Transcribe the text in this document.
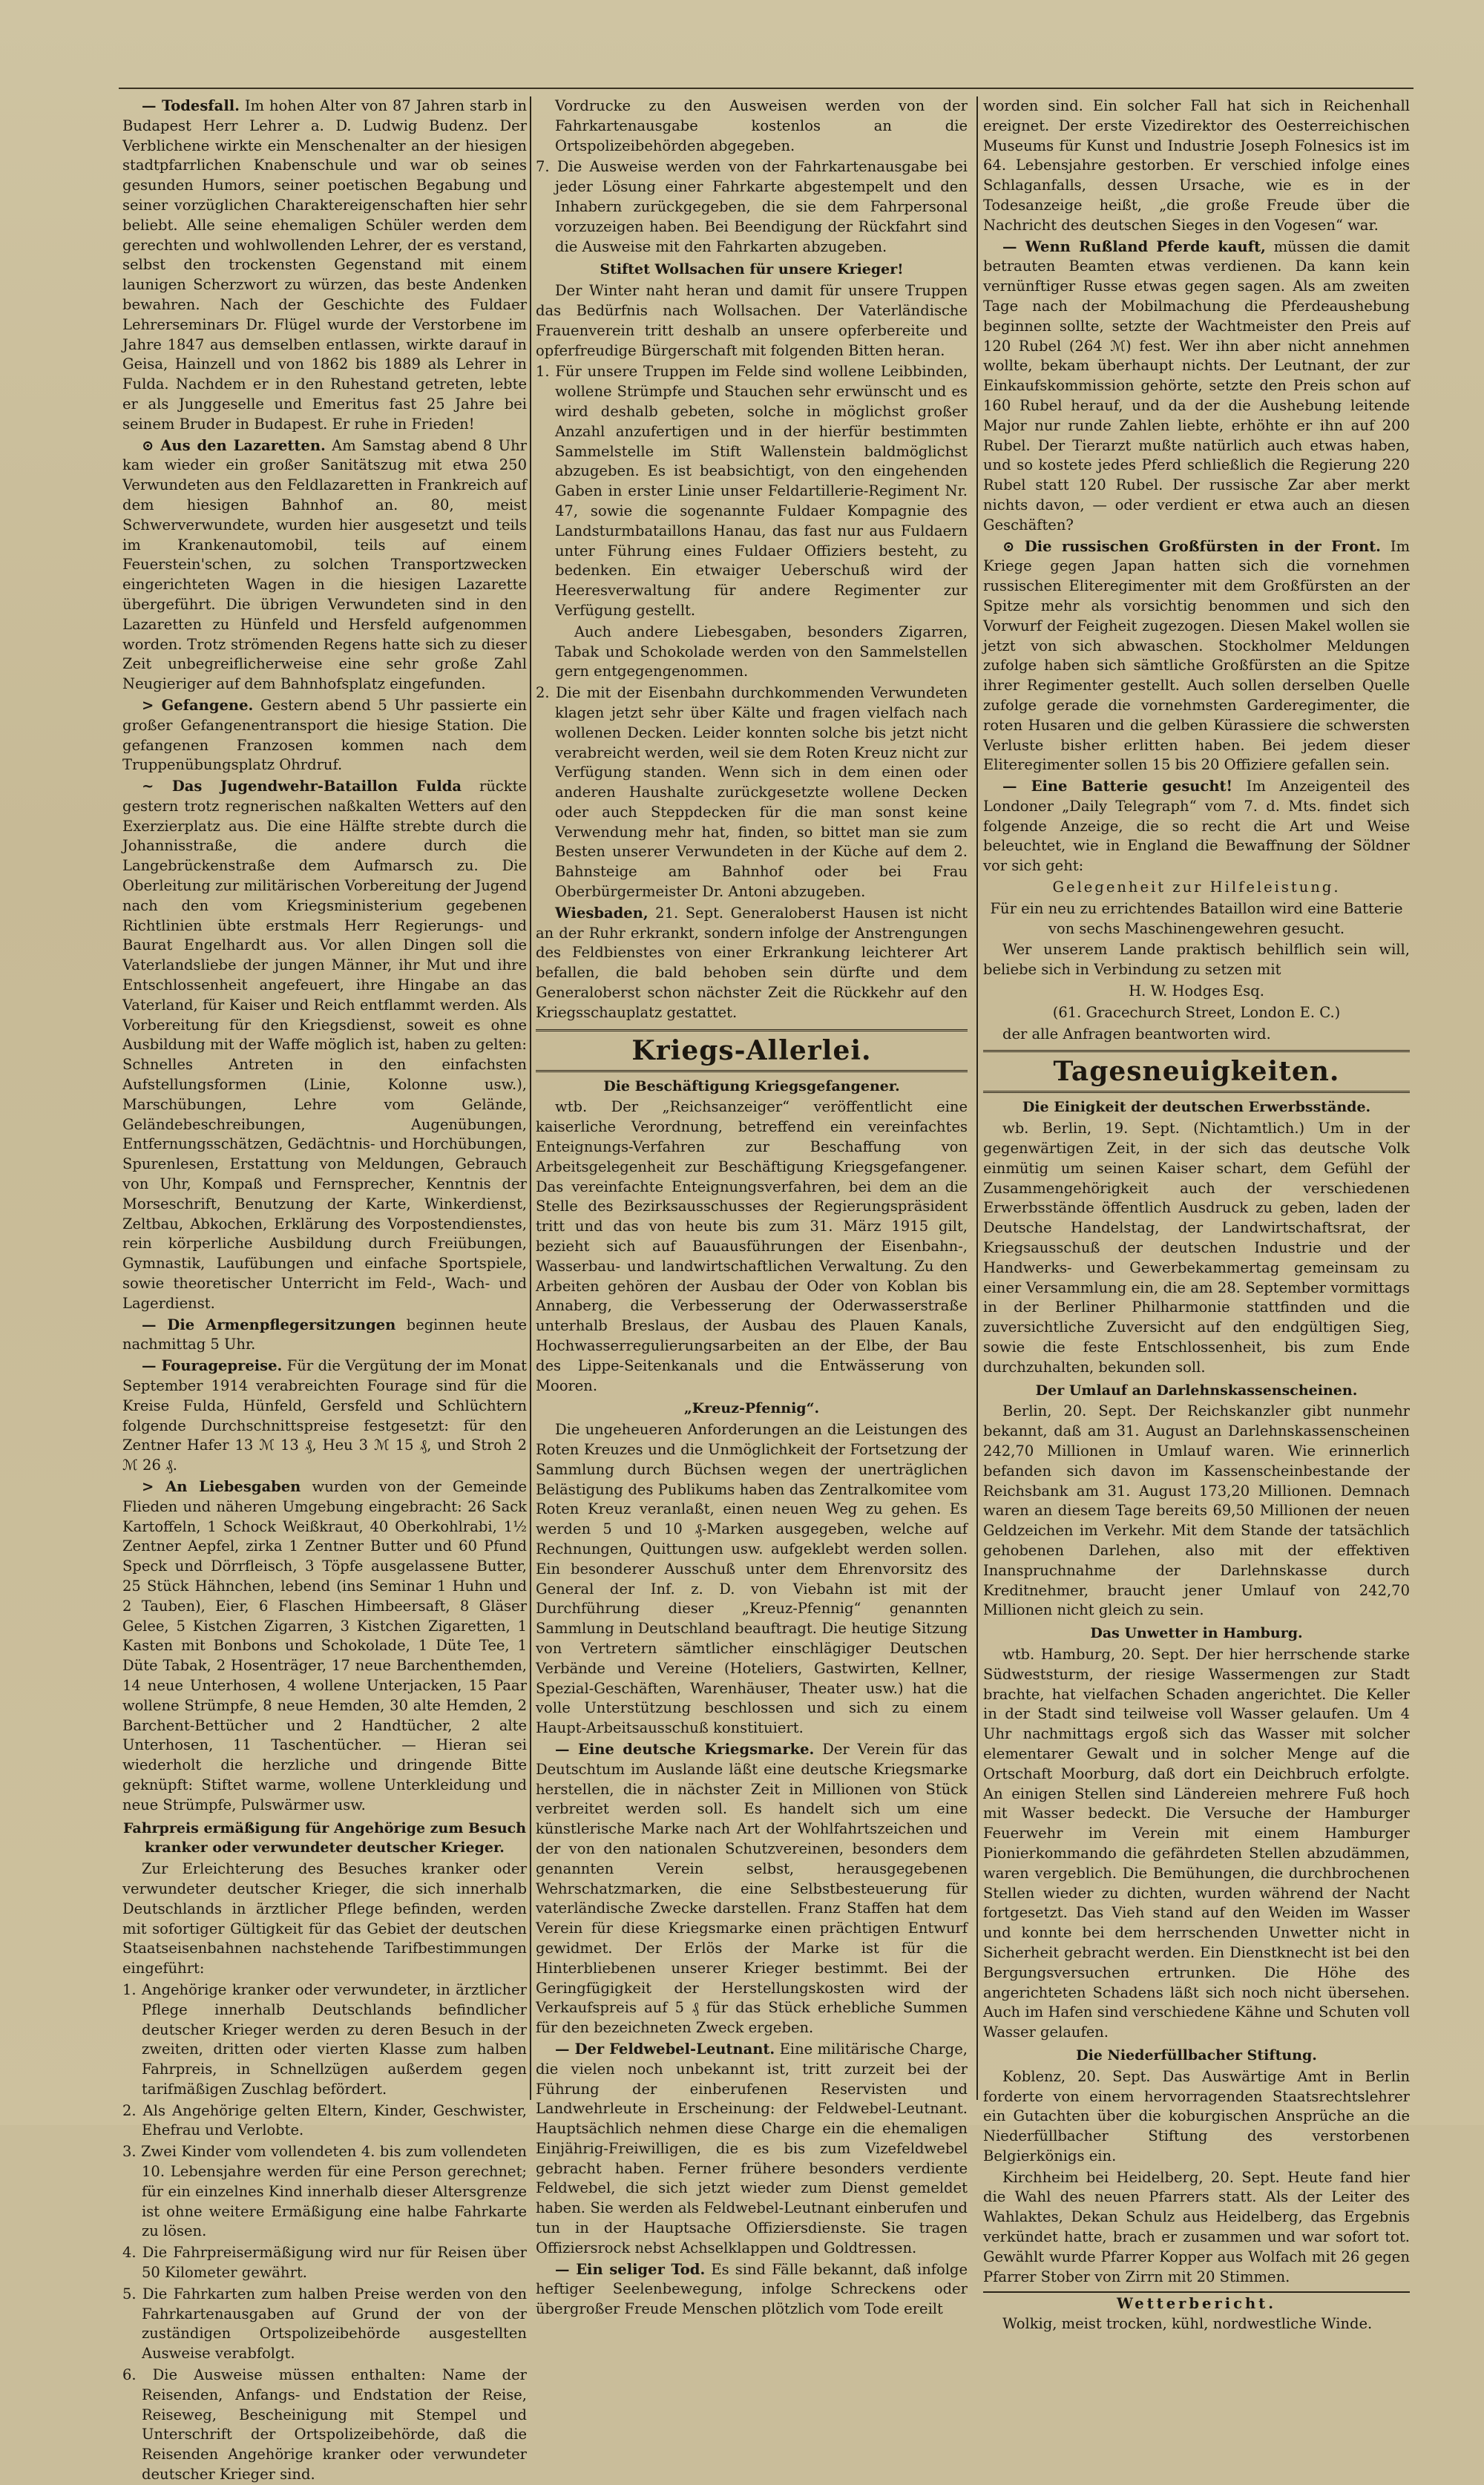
— Todesfall. Im hohen Alter von 87 Jahren starb in Budapest Herr Lehrer a. D. Ludwig Budenz. Der Verblichene wirkte ein Menschenalter an der hiesigen stadtpfarrlichen Knabenschule und war ob seines gesunden Humors, seiner poetischen Begabung und seiner vorzüglichen Charaktereigenschaften hier sehr beliebt. Alle seine ehemaligen Schüler werden dem gerechten und wohlwollenden Lehrer, der es verstand, selbst den trockensten Gegenstand mit einem launigen Scherzwort zu würzen, das beste Andenken bewahren. Nach der Geschichte des Fuldaer Lehrerseminars Dr. Flügel wurde der Verstorbene im Jahre 1847 aus demselben entlassen, wirkte darauf in Geisa, Hainzell und von 1862 bis 1889 als Lehrer in Fulda. Nachdem er in den Ruhestand getreten, lebte er als Junggeselle und Emeritus fast 25 Jahre bei seinem Bruder in Budapest. Er ruhe in Frieden!

⊙ Aus den Lazaretten. Am Samstag abend 8 Uhr kam wieder ein großer Sanitätszug mit etwa 250 Verwundeten aus den Feldlazaretten in Frankreich auf dem hiesigen Bahnhof an. 80, meist Schwerverwundete, wurden hier ausgesetzt und teils im Krankenautomobil, teils auf einem Feuerstein'schen, zu solchen Transportzwecken eingerichteten Wagen in die hiesigen Lazarette übergeführt. Die übrigen Verwundeten sind in den Lazaretten zu Hünfeld und Hersfeld aufgenommen worden. Trotz strömenden Regens hatte sich zu dieser Zeit unbegreiflicherweise eine sehr große Zahl Neugieriger auf dem Bahnhofsplatz eingefunden.

> Gefangene. Gestern abend 5 Uhr passierte ein großer Gefangenentransport die hiesige Station. Die gefangenen Franzosen kommen nach dem Truppenübungsplatz Ohrdruf.

~ Das Jugendwehr-Bataillon Fulda rückte gestern trotz regnerischen naßkalten Wetters auf den Exerzierplatz aus. Die eine Hälfte strebte durch die Johannisstraße, die andere durch die Langebrückenstraße dem Aufmarsch zu. Die Oberleitung zur militärischen Vorbereitung der Jugend nach den vom Kriegsministerium gegebenen Richtlinien übte erstmals Herr Regierungs- und Baurat Engelhardt aus. Vor allen Dingen soll die Vaterlandsliebe der jungen Männer, ihr Mut und ihre Entschlossenheit angefeuert, ihre Hingabe an das Vaterland, für Kaiser und Reich entflammt werden. Als Vorbereitung für den Kriegsdienst, soweit es ohne Ausbildung mit der Waffe möglich ist, haben zu gelten: Schnelles Antreten in den einfachsten Aufstellungsformen (Linie, Kolonne usw.), Marschübungen, Lehre vom Gelände, Geländebeschreibungen, Augenübungen, Entfernungsschätzen, Gedächtnis- und Horchübungen, Spurenlesen, Erstattung von Meldungen, Gebrauch von Uhr, Kompaß und Fernsprecher, Kenntnis der Morseschrift, Benutzung der Karte, Winkerdienst, Zeltbau, Abkochen, Erklärung des Vorpostendienstes, rein körperliche Ausbildung durch Freiübungen, Gymnastik, Laufübungen und einfache Sportspiele, sowie theoretischer Unterricht im Feld-, Wach- und Lagerdienst.

— Die Armenpflegersitzungen beginnen heute nachmittag 5 Uhr.

— Fouragepreise. Für die Vergütung der im Monat September 1914 verabreichten Fourage sind für die Kreise Fulda, Hünfeld, Gersfeld und Schlüchtern folgende Durchschnittspreise festgesetzt: für den Zentner Hafer 13 ℳ 13 ₰, Heu 3 ℳ 15 ₰, und Stroh 2 ℳ 26 ₰.

> An Liebesgaben wurden von der Gemeinde Flieden und näheren Umgebung eingebracht: 26 Sack Kartoffeln, 1 Schock Weißkraut, 40 Oberkohlrabi, 1½ Zentner Aepfel, zirka 1 Zentner Butter und 60 Pfund Speck und Dörrfleisch, 3 Töpfe ausgelassene Butter, 25 Stück Hähnchen, lebend (ins Seminar 1 Huhn und 2 Tauben), Eier, 6 Flaschen Himbeersaft, 8 Gläser Gelee, 5 Kistchen Zigarren, 3 Kistchen Zigaretten, 1 Kasten mit Bonbons und Schokolade, 1 Düte Tee, 1 Düte Tabak, 2 Hosenträger, 17 neue Barchenthemden, 14 neue Unterhosen, 4 wollene Unterjacken, 15 Paar wollene Strümpfe, 8 neue Hemden, 30 alte Hemden, 2 Barchent-Bettücher und 2 Handtücher, 2 alte Unterhosen, 11 Taschentücher. — Hieran sei wiederholt die herzliche und dringende Bitte geknüpft: Stiftet warme, wollene Unterkleidung und neue Strümpfe, Pulswärmer usw.

Fahrpreis ermäßigung für Angehörige zum Besuch kranker oder verwundeter deutscher Krieger.

Zur Erleichterung des Besuches kranker oder verwundeter deutscher Krieger, die sich innerhalb Deutschlands in ärztlicher Pflege befinden, werden mit sofortiger Gültigkeit für das Gebiet der deutschen Staatseisenbahnen nachstehende Tarifbestimmungen eingeführt:

1. Angehörige kranker oder verwundeter, in ärztlicher Pflege innerhalb Deutschlands befindlicher deutscher Krieger werden zu deren Besuch in der zweiten, dritten oder vierten Klasse zum halben Fahrpreis, in Schnellzügen außerdem gegen tarifmäßigen Zuschlag befördert.

2. Als Angehörige gelten Eltern, Kinder, Geschwister, Ehefrau und Verlobte.

3. Zwei Kinder vom vollendeten 4. bis zum vollendeten 10. Lebensjahre werden für eine Person gerechnet; für ein einzelnes Kind innerhalb dieser Altersgrenze ist ohne weitere Ermäßigung eine halbe Fahrkarte zu lösen.

4. Die Fahrpreisermäßigung wird nur für Reisen über 50 Kilometer gewährt.

5. Die Fahrkarten zum halben Preise werden von den Fahrkartenausgaben auf Grund der von der zuständigen Ortspolizeibehörde ausgestellten Ausweise verabfolgt.

6. Die Ausweise müssen enthalten: Name der Reisenden, Anfangs- und Endstation der Reise, Reiseweg, Bescheinigung mit Stempel und Unterschrift der Ortspolizeibehörde, daß die Reisenden Angehörige kranker oder verwundeter deutscher Krieger sind.

Vordrucke zu den Ausweisen werden von der Fahrkartenausgabe kostenlos an die Ortspolizeibehörden abgegeben.

7. Die Ausweise werden von der Fahrkartenausgabe bei jeder Lösung einer Fahrkarte abgestempelt und den Inhabern zurückgegeben, die sie dem Fahrpersonal vorzuzeigen haben. Bei Beendigung der Rückfahrt sind die Ausweise mit den Fahrkarten abzugeben.

Stiftet Wollsachen für unsere Krieger!

Der Winter naht heran und damit für unsere Truppen das Bedürfnis nach Wollsachen. Der Vaterländische Frauenverein tritt deshalb an unsere opferbereite und opferfreudige Bürgerschaft mit folgenden Bitten heran.

1. Für unsere Truppen im Felde sind wollene Leibbinden, wollene Strümpfe und Stauchen sehr erwünscht und es wird deshalb gebeten, solche in möglichst großer Anzahl anzufertigen und in der hierfür bestimmten Sammelstelle im Stift Wallenstein baldmöglichst abzugeben. Es ist beabsichtigt, von den eingehenden Gaben in erster Linie unser Feldartillerie-Regiment Nr. 47, sowie die sogenannte Fuldaer Kompagnie des Landsturmbataillons Hanau, das fast nur aus Fuldaern unter Führung eines Fuldaer Offiziers besteht, zu bedenken. Ein etwaiger Ueberschuß wird der Heeresverwaltung für andere Regimenter zur Verfügung gestellt.

Auch andere Liebesgaben, besonders Zigarren, Tabak und Schokolade werden von den Sammelstellen gern entgegengenommen.

2. Die mit der Eisenbahn durchkommenden Verwundeten klagen jetzt sehr über Kälte und fragen vielfach nach wollenen Decken. Leider konnten solche bis jetzt nicht verabreicht werden, weil sie dem Roten Kreuz nicht zur Verfügung standen. Wenn sich in dem einen oder anderen Haushalte zurückgesetzte wollene Decken oder auch Steppdecken für die man sonst keine Verwendung mehr hat, finden, so bittet man sie zum Besten unserer Verwundeten in der Küche auf dem 2. Bahnsteige am Bahnhof oder bei Frau Oberbürgermeister Dr. Antoni abzugeben.

Wiesbaden, 21. Sept. Generaloberst Hausen ist nicht an der Ruhr erkrankt, sondern infolge der Anstrengungen des Feldbienstes von einer Erkrankung leichterer Art befallen, die bald behoben sein dürfte und dem Generaloberst schon nächster Zeit die Rückkehr auf den Kriegsschauplatz gestattet.

Kriegs-Allerlei.
Die Beschäftigung Kriegsgefangener.

wtb. Der „Reichsanzeiger“ veröffentlicht eine kaiserliche Verordnung, betreffend ein vereinfachtes Enteignungs-Verfahren zur Beschaffung von Arbeitsgelegenheit zur Beschäftigung Kriegsgefangener. Das vereinfachte Enteignungsverfahren, bei dem an die Stelle des Bezirksausschusses der Regierungspräsident tritt und das von heute bis zum 31. März 1915 gilt, bezieht sich auf Bauausführungen der Eisenbahn-, Wasserbau- und landwirtschaftlichen Verwaltung. Zu den Arbeiten gehören der Ausbau der Oder von Koblan bis Annaberg, die Verbesserung der Oderwasserstraße unterhalb Breslaus, der Ausbau des Plauen Kanals, Hochwasserregulierungsarbeiten an der Elbe, der Bau des Lippe-Seitenkanals und die Entwässerung von Mooren.

„Kreuz-Pfennig“.

Die ungeheueren Anforderungen an die Leistungen des Roten Kreuzes und die Unmöglichkeit der Fortsetzung der Sammlung durch Büchsen wegen der unerträglichen Belästigung des Publikums haben das Zentralkomitee vom Roten Kreuz veranlaßt, einen neuen Weg zu gehen. Es werden 5 und 10 ₰-Marken ausgegeben, welche auf Rechnungen, Quittungen usw. aufgeklebt werden sollen. Ein besonderer Ausschuß unter dem Ehrenvorsitz des General der Inf. z. D. von Viebahn ist mit der Durchführung dieser „Kreuz-Pfennig“ genannten Sammlung in Deutschland beauftragt. Die heutige Sitzung von Vertretern sämtlicher einschlägiger Deutschen Verbände und Vereine (Hoteliers, Gastwirten, Kellner, Spezial-Geschäften, Warenhäuser, Theater usw.) hat die volle Unterstützung beschlossen und sich zu einem Haupt-Arbeitsausschuß konstituiert.

— Eine deutsche Kriegsmarke. Der Verein für das Deutschtum im Auslande läßt eine deutsche Kriegsmarke herstellen, die in nächster Zeit in Millionen von Stück verbreitet werden soll. Es handelt sich um eine künstlerische Marke nach Art der Wohlfahrtszeichen und der von den nationalen Schutzvereinen, besonders dem genannten Verein selbst, herausgegebenen Wehrschatzmarken, die eine Selbstbesteuerung für vaterländische Zwecke darstellen. Franz Staffen hat dem Verein für diese Kriegsmarke einen prächtigen Entwurf gewidmet. Der Erlös der Marke ist für die Hinterbliebenen unserer Krieger bestimmt. Bei der Geringfügigkeit der Herstellungskosten wird der Verkaufspreis auf 5 ₰ für das Stück erhebliche Summen für den bezeichneten Zweck ergeben.

— Der Feldwebel-Leutnant. Eine militärische Charge, die vielen noch unbekannt ist, tritt zurzeit bei der Führung der einberufenen Reservisten und Landwehrleute in Erscheinung: der Feldwebel-Leutnant. Hauptsächlich nehmen diese Charge ein die ehemaligen Einjährig-Freiwilligen, die es bis zum Vizefeldwebel gebracht haben. Ferner frühere besonders verdiente Feldwebel, die sich jetzt wieder zum Dienst gemeldet haben. Sie werden als Feldwebel-Leutnant einberufen und tun in der Hauptsache Offiziersdienste. Sie tragen Offiziersrock nebst Achselklappen und Goldtressen.

— Ein seliger Tod. Es sind Fälle bekannt, daß infolge heftiger Seelenbewegung, infolge Schreckens oder übergroßer Freude Menschen plötzlich vom Tode ereilt

worden sind. Ein solcher Fall hat sich in Reichenhall ereignet. Der erste Vizedirektor des Oesterreichischen Museums für Kunst und Industrie Joseph Folnesics ist im 64. Lebensjahre gestorben. Er verschied infolge eines Schlaganfalls, dessen Ursache, wie es in der Todesanzeige heißt, „die große Freude über die Nachricht des deutschen Sieges in den Vogesen“ war.

— Wenn Rußland Pferde kauft, müssen die damit betrauten Beamten etwas verdienen. Da kann kein vernünftiger Russe etwas gegen sagen. Als am zweiten Tage nach der Mobilmachung die Pferdeaushebung beginnen sollte, setzte der Wachtmeister den Preis auf 120 Rubel (264 ℳ) fest. Wer ihn aber nicht annehmen wollte, bekam überhaupt nichts. Der Leutnant, der zur Einkaufskommission gehörte, setzte den Preis schon auf 160 Rubel herauf, und da der die Aushebung leitende Major nur runde Zahlen liebte, erhöhte er ihn auf 200 Rubel. Der Tierarzt mußte natürlich auch etwas haben, und so kostete jedes Pferd schließlich die Regierung 220 Rubel statt 120 Rubel. Der russische Zar aber merkt nichts davon, — oder verdient er etwa auch an diesen Geschäften?

⊙ Die russischen Großfürsten in der Front. Im Kriege gegen Japan hatten sich die vornehmen russischen Eliteregimenter mit dem Großfürsten an der Spitze mehr als vorsichtig benommen und sich den Vorwurf der Feigheit zugezogen. Diesen Makel wollen sie jetzt von sich abwaschen. Stockholmer Meldungen zufolge haben sich sämtliche Großfürsten an die Spitze ihrer Regimenter gestellt. Auch sollen derselben Quelle zufolge gerade die vornehmsten Garderegimenter, die roten Husaren und die gelben Kürassiere die schwersten Verluste bisher erlitten haben. Bei jedem dieser Eliteregimenter sollen 15 bis 20 Offiziere gefallen sein.

— Eine Batterie gesucht! Im Anzeigenteil des Londoner „Daily Telegraph“ vom 7. d. Mts. findet sich folgende Anzeige, die so recht die Art und Weise beleuchtet, wie in England die Bewaffnung der Söldner vor sich geht:

Gelegenheit zur Hilfeleistung.

Für ein neu zu errichtendes Bataillon wird eine Batterie von sechs Maschinengewehren gesucht.

Wer unserem Lande praktisch behilflich sein will, beliebe sich in Verbindung zu setzen mit

H. W. Hodges Esq.

(61. Gracechurch Street, London E. C.)

der alle Anfragen beantworten wird.

Tagesneuigkeiten.
Die Einigkeit der deutschen Erwerbsstände.

wb. Berlin, 19. Sept. (Nichtamtlich.) Um in der gegenwärtigen Zeit, in der sich das deutsche Volk einmütig um seinen Kaiser schart, dem Gefühl der Zusammengehörigkeit auch der verschiedenen Erwerbsstände öffentlich Ausdruck zu geben, laden der Deutsche Handelstag, der Landwirtschaftsrat, der Kriegsausschuß der deutschen Industrie und der Handwerks- und Gewerbekammertag gemeinsam zu einer Versammlung ein, die am 28. September vormittags in der Berliner Philharmonie stattfinden und die zuversichtliche Zuversicht auf den endgültigen Sieg, sowie die feste Entschlossenheit, bis zum Ende durchzuhalten, bekunden soll.

Der Umlauf an Darlehnskassenscheinen.

Berlin, 20. Sept. Der Reichskanzler gibt nunmehr bekannt, daß am 31. August an Darlehnskassenscheinen 242,70 Millionen in Umlauf waren. Wie erinnerlich befanden sich davon im Kassenscheinbestande der Reichsbank am 31. August 173,20 Millionen. Demnach waren an diesem Tage bereits 69,50 Millionen der neuen Geldzeichen im Verkehr. Mit dem Stande der tatsächlich gehobenen Darlehen, also mit der effektiven Inanspruchnahme der Darlehnskasse durch Kreditnehmer, braucht jener Umlauf von 242,70 Millionen nicht gleich zu sein.

Das Unwetter in Hamburg.

wtb. Hamburg, 20. Sept. Der hier herrschende starke Südweststurm, der riesige Wassermengen zur Stadt brachte, hat vielfachen Schaden angerichtet. Die Keller in der Stadt sind teilweise voll Wasser gelaufen. Um 4 Uhr nachmittags ergoß sich das Wasser mit solcher elementarer Gewalt und in solcher Menge auf die Ortschaft Moorburg, daß dort ein Deichbruch erfolgte. An einigen Stellen sind Ländereien mehrere Fuß hoch mit Wasser bedeckt. Die Versuche der Hamburger Feuerwehr im Verein mit einem Hamburger Pionierkommando die gefährdeten Stellen abzudämmen, waren vergeblich. Die Bemühungen, die durchbrochenen Stellen wieder zu dichten, wurden während der Nacht fortgesetzt. Das Vieh stand auf den Weiden im Wasser und konnte bei dem herrschenden Unwetter nicht in Sicherheit gebracht werden. Ein Dienstknecht ist bei den Bergungsversuchen ertrunken. Die Höhe des angerichteten Schadens läßt sich noch nicht übersehen. Auch im Hafen sind verschiedene Kähne und Schuten voll Wasser gelaufen.

Die Niederfüllbacher Stiftung.

Koblenz, 20. Sept. Das Auswärtige Amt in Berlin forderte von einem hervorragenden Staatsrechtslehrer ein Gutachten über die koburgischen Ansprüche an die Niederfüllbacher Stiftung des verstorbenen Belgierkönigs ein.

Kirchheim bei Heidelberg, 20. Sept. Heute fand hier die Wahl des neuen Pfarrers statt. Als der Leiter des Wahlaktes, Dekan Schulz aus Heidelberg, das Ergebnis verkündet hatte, brach er zusammen und war sofort tot. Gewählt wurde Pfarrer Kopper aus Wolfach mit 26 gegen Pfarrer Stober von Zirrn mit 20 Stimmen.

Wetterbericht.

Wolkig, meist trocken, kühl, nordwestliche Winde.
